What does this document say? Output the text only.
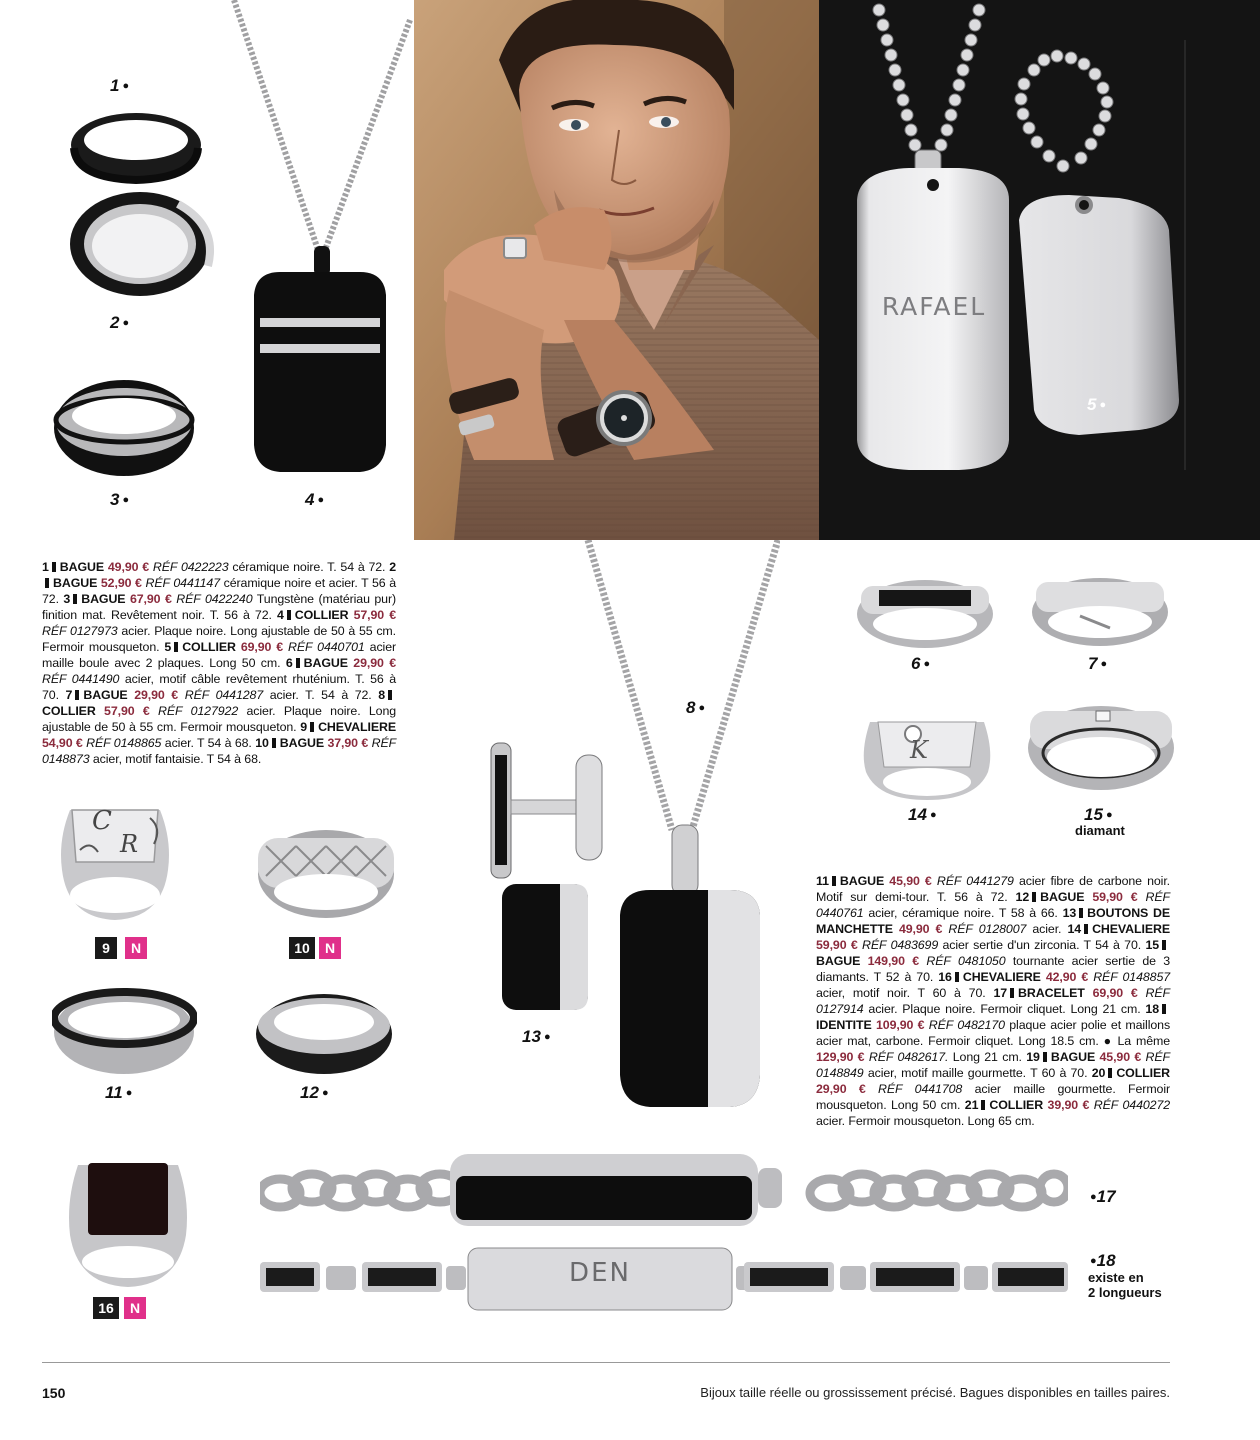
RAFAEL
5 ●
1 ●
2 ●
3 ●	4 ●
1 BAGUE 49,90 € RÉF 0422223 céramique noire. T. 54 à 72. 2BAGUE 52,90 € RÉF 0441147 céramique noire et acier. T 56 à 72. 3 BAGUE 67,90 € RÉF 0422240 Tungstène (matériau pur) finition mat. Revêtement noir. T. 56 à 72. 4 COLLIER 57,90 € RÉF 0127973 acier. Plaque noire. Long ajustable de 50 à 55 cm. Fermoir mousqueton. 5 COLLIER 69,90 € RÉF 0440701 acier maille boule avec 2 plaques. Long 50 cm. 6 BAGUE 29,90 € RÉF 0441490 acier, motif câble revêtement rhuténium. T. 56 à 70. 7 BAGUE 29,90 € RÉF 0441287 acier. T. 54 à 72. 8COLLIER 57,90 € RÉF 0127922 acier. Plaque noire. Long ajustable de 50 à 55 cm. Fermoir mousqueton. 9 CHEVALIERE 54,90 € RÉF 0148865 acier. T 54 à 68. 10 BAGUE 37,90 € RÉF 0148873 acier, motif fantaisie. T 54 à 68.
C
R
9	N	10	N
11 ●	12 ●
16	N
8 ●
13 ●
6 ●	7 ●
K
14 ●	15 ●
diamant
11 BAGUE 45,90 € RÉF 0441279 acier fibre de carbone noir. Motif sur demi-tour. T. 56 à 72. 12 BAGUE 59,90 € RÉF 0440761 acier, céramique noire. T 58 à 66. 13 BOUTONS DE MANCHETTE 49,90 € RÉF 0128007 acier. 14 CHEVALIERE 59,90 € RÉF 0483699 acier sertie d'un zirconia. T 54 à 70. 15BAGUE 149,90 € RÉF 0481050 tournante acier sertie de 3 diamants. T 52 à 70. 16 CHEVALIERE 42,90 € RÉF 0148857 acier, motif noir. T 60 à 70. 17 BRACELET 69,90 € RÉF 0127914 acier. Plaque noire. Fermoir cliquet. Long 21 cm. 18IDENTITE 109,90 € RÉF 0482170 plaque acier polie et maillons acier mat, carbone. Fermoir cliquet. Long 18.5 cm. ● La même 129,90 € RÉF 0482617. Long 21 cm. 19 BAGUE 45,90 € RÉF 0148849 acier, motif maille gourmette. T 60 à 70. 20 COLLIER 29,90 € RÉF 0441708 acier maille gourmette. Fermoir mousqueton. Long 50 cm. 21 COLLIER 39,90 € RÉF 0440272 acier. Fermoir mousqueton. Long 65 cm.
● 17
DEN
●	18
existe en
2 longueurs
150	Bijoux taille réelle ou grossissement précisé. Bagues disponibles en tailles paires.
